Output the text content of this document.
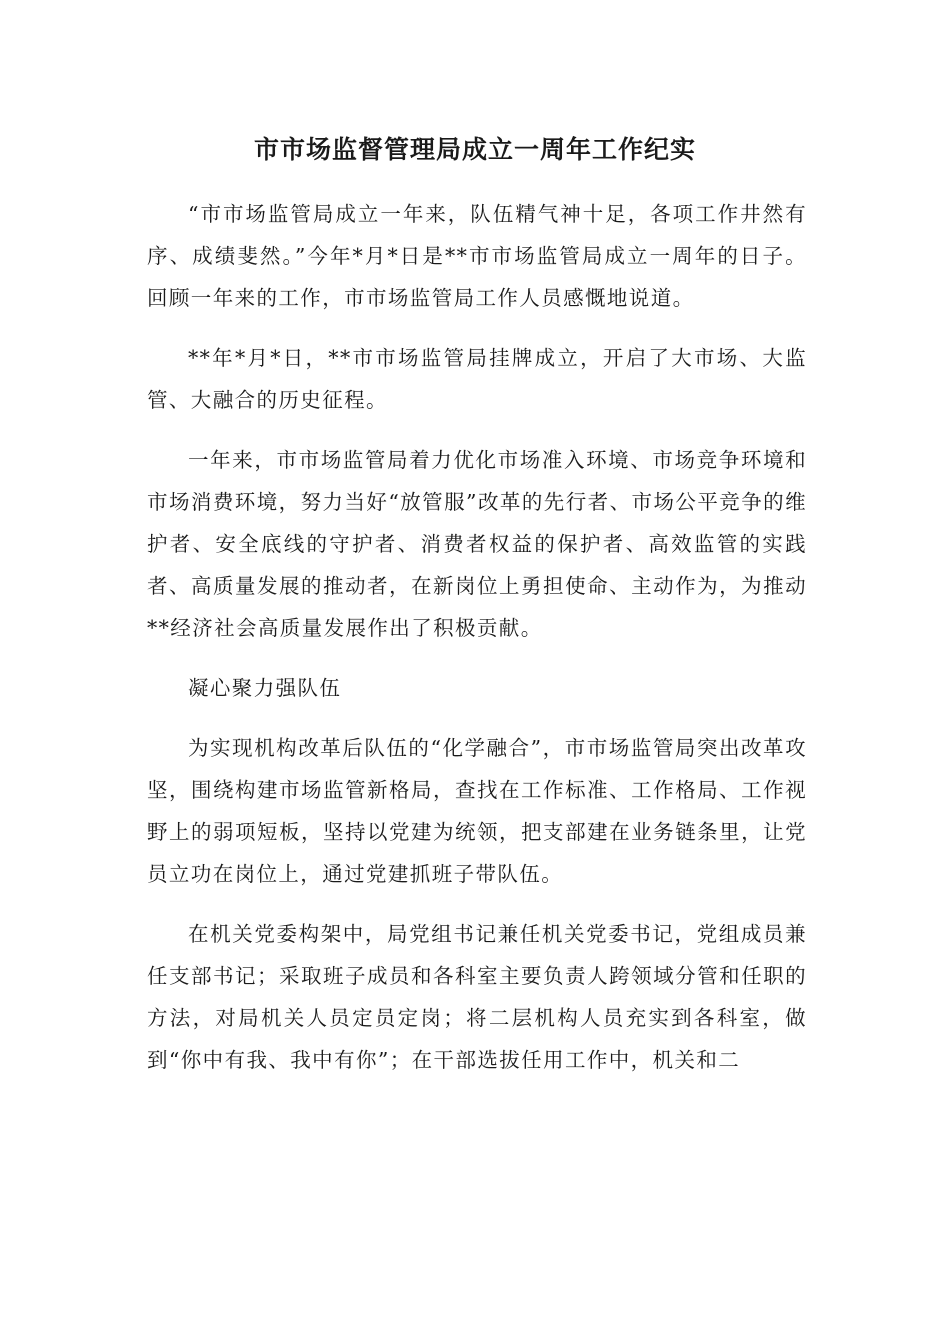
市市场监督管理局成立一周年工作纪实

“市市场监管局成立一年来，队伍精气神十足，各项工作井然有序、成绩斐然。”今年*月*日是**市市场监管局成立一周年的日子。回顾一年来的工作，市市场监管局工作人员感慨地说道。

**年*月*日，**市市场监管局挂牌成立，开启了大市场、大监管、大融合的历史征程。

一年来，市市场监管局着力优化市场准入环境、市场竞争环境和市场消费环境，努力当好“放管服”改革的先行者、市场公平竞争的维护者、安全底线的守护者、消费者权益的保护者、高效监管的实践者、高质量发展的推动者，在新岗位上勇担使命、主动作为，为推动**经济社会高质量发展作出了积极贡献。

凝心聚力强队伍

为实现机构改革后队伍的“化学融合”，市市场监管局突出改革攻坚，围绕构建市场监管新格局，查找在工作标准、工作格局、工作视野上的弱项短板，坚持以党建为统领，把支部建在业务链条里，让党员立功在岗位上，通过党建抓班子带队伍。

在机关党委构架中，局党组书记兼任机关党委书记，党组成员兼任支部书记；采取班子成员和各科室主要负责人跨领域分管和任职的方法，对局机关人员定员定岗；将二层机构人员充实到各科室，做到“你中有我、我中有你”；在干部选拔任用工作中，机关和二
